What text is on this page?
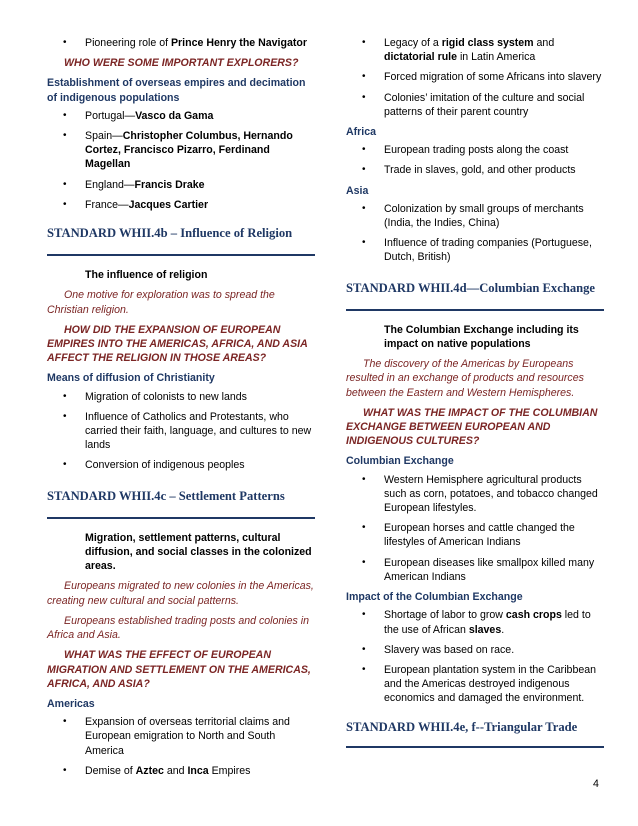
• Pioneering role of Prince Henry the Navigator
WHO WERE SOME IMPORTANT EXPLORERS?
Establishment of overseas empires and decimation of indigenous populations
• Portugal—Vasco da Gama
• Spain—Christopher Columbus, Hernando Cortez, Francisco Pizarro, Ferdinand Magellan
• England—Francis Drake
• France—Jacques Cartier
STANDARD WHII.4b – Influence of Religion
The influence of religion
One motive for exploration was to spread the Christian religion.
HOW DID THE EXPANSION OF EUROPEAN EMPIRES INTO THE AMERICAS, AFRICA, AND ASIA AFFECT THE RELIGION IN THOSE AREAS?
Means of diffusion of Christianity
• Migration of colonists to new lands
• Influence of Catholics and Protestants, who carried their faith, language, and cultures to new lands
• Conversion of indigenous peoples
STANDARD WHII.4c – Settlement Patterns
Migration, settlement patterns, cultural diffusion, and social classes in the colonized areas.
Europeans migrated to new colonies in the Americas, creating new cultural and social patterns.
Europeans established trading posts and colonies in Africa and Asia.
WHAT WAS THE EFFECT OF EUROPEAN MIGRATION AND SETTLEMENT ON THE AMERICAS, AFRICA, AND ASIA?
Americas
• Expansion of overseas territorial claims and European emigration to North and South America
• Demise of Aztec and Inca Empires
• Legacy of a rigid class system and dictatorial rule in Latin America
• Forced migration of some Africans into slavery
• Colonies’ imitation of the culture and social patterns of their parent country
Africa
• European trading posts along the coast
• Trade in slaves, gold, and other products
Asia
• Colonization by small groups of merchants (India, the Indies, China)
• Influence of trading companies (Portuguese, Dutch, British)
STANDARD WHII.4d—Columbian Exchange
The Columbian Exchange including its impact on native populations
The discovery of the Americas by Europeans resulted in an exchange of products and resources between the Eastern and Western Hemispheres.
WHAT WAS THE IMPACT OF THE COLUMBIAN EXCHANGE BETWEEN EUROPEAN AND INDIGENOUS CULTURES?
Columbian Exchange
• Western Hemisphere agricultural products such as corn, potatoes, and tobacco changed European lifestyles.
• European horses and cattle changed the lifestyles of American Indians
• European diseases like smallpox killed many American Indians
Impact of the Columbian Exchange
• Shortage of labor to grow cash crops led to the use of African slaves.
• Slavery was based on race.
• European plantation system in the Caribbean and the Americas destroyed indigenous economics and damaged the environment.
STANDARD WHII.4e, f--Triangular Trade
4
